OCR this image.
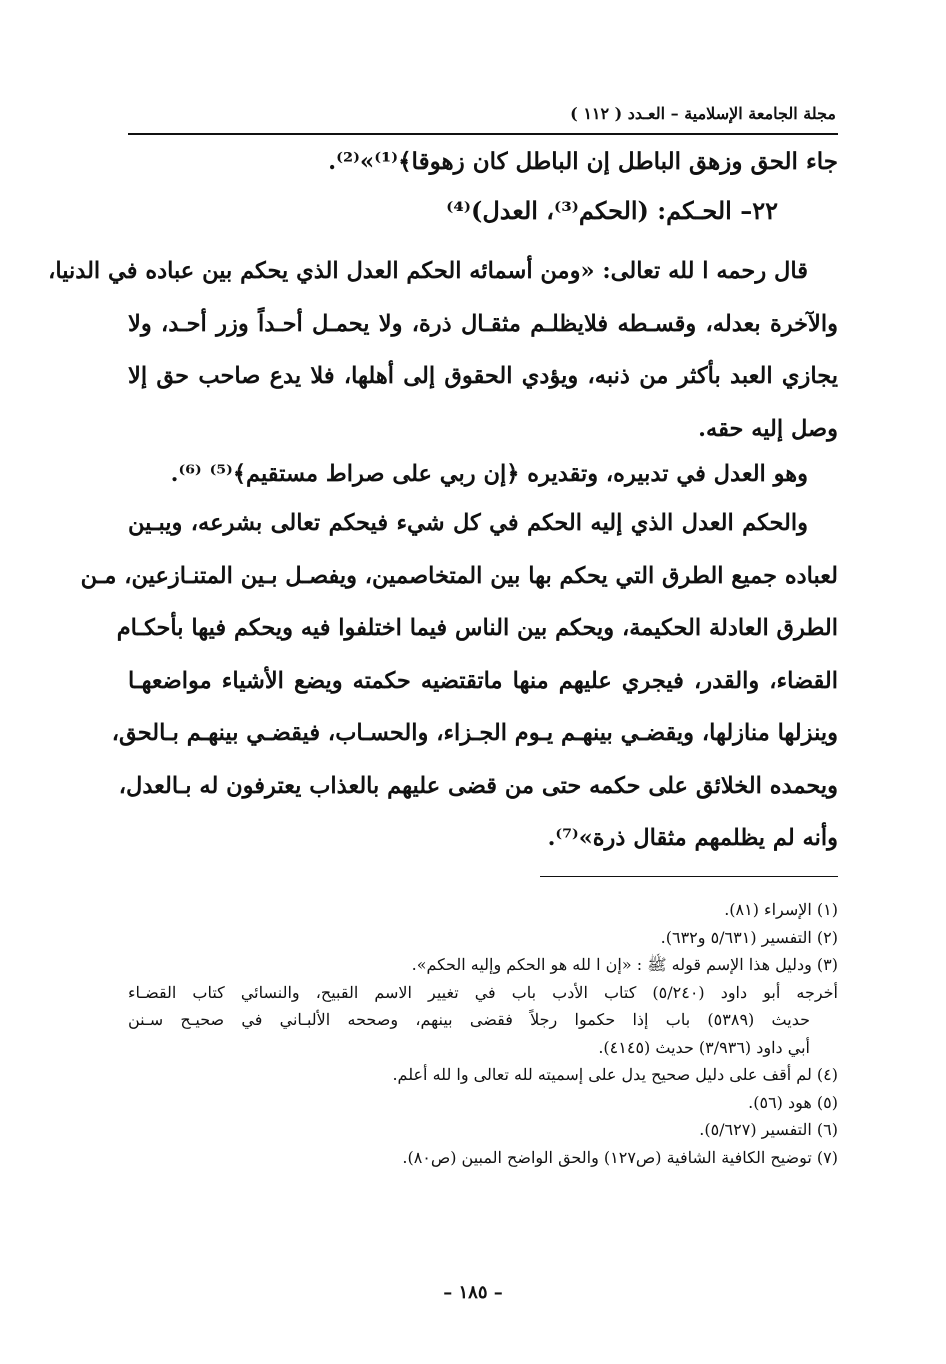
مجلة الجامعة الإسلامية – العـدد ( ١١٢ )
جاء الحق وزهق الباطل إن الباطل كان زهوقا﴾⁽¹⁾»⁽²⁾.
٢٢– الحـكم: (الحكم⁽³⁾، العدل)⁽⁴⁾
قال رحمه ا لله تعالى: «ومن أسمائه الحكم العدل الذي يحكم بين عباده في الدنيا،
والآخرة بعدله، وقسـطه فلايظلـم مثقـال ذرة، ولا يحمـل أحـداً وزر أحـد، ولا
يجازي العبد بأكثر من ذنبه، ويؤدي الحقوق إلى أهلها، فلا يدع صاحب حق إلا
وصل إليه حقه.
وهو العدل في تدبيره، وتقديره ﴿إن ربي على صراط مستقيم﴾⁽⁵⁾ ⁽⁶⁾.
والحكم العدل الذي إليه الحكم في كل شيء فيحكم تعالى بشرعه، ويبـين
لعباده جميع الطرق التي يحكم بها بين المتخاصمين، ويفصـل بـين المتنـازعين، مـن
الطرق العادلة الحكيمة، ويحكم بين الناس فيما اختلفوا فيه ويحكم فيها بأحكـام
القضاء، والقدر، فيجري عليهم منها ماتقتضيه حكمته ويضع الأشياء مواضعهـا
وينزلها منازلها، ويقضـي بينهـم يـوم الجـزاء، والحسـاب، فيقضـي بينهـم بـالحق،
ويحمده الخلائق على حكمه حتى من قضى عليهم بالعذاب يعترفون له بـالعدل،
وأنه لم يظلمهم مثقال ذرة»⁽⁷⁾.
(١) الإسراء (٨١).
(٢) التفسير (٥/٦٣١ و٦٣٢).
(٣) ودليل هذا الإسم قوله ﷺ : «إن ا لله هو الحكم وإليه الحكم».
أخرجه أبو داود (٥/٢٤٠) كتاب الأدب باب في تغيير الاسم القبيح، والنسائي كتاب القضـاء
حديث (٥٣٨٩) باب إذا حكموا رجلاً فقضى بينهم، وصححه الألبـاني في صحيـح سـنن
أبي داود (٣/٩٣٦) حديث (٤١٤٥).
(٤) لم أقف على دليل صحيح يدل على إسميته لله تعالى وا لله أعلم.
(٥) هود (٥٦).
(٦) التفسير (٥/٦٢٧).
(٧) توضيح الكافية الشافية (ص١٢٧) والحق الواضح المبين (ص٨٠).
– ١٨٥ –
